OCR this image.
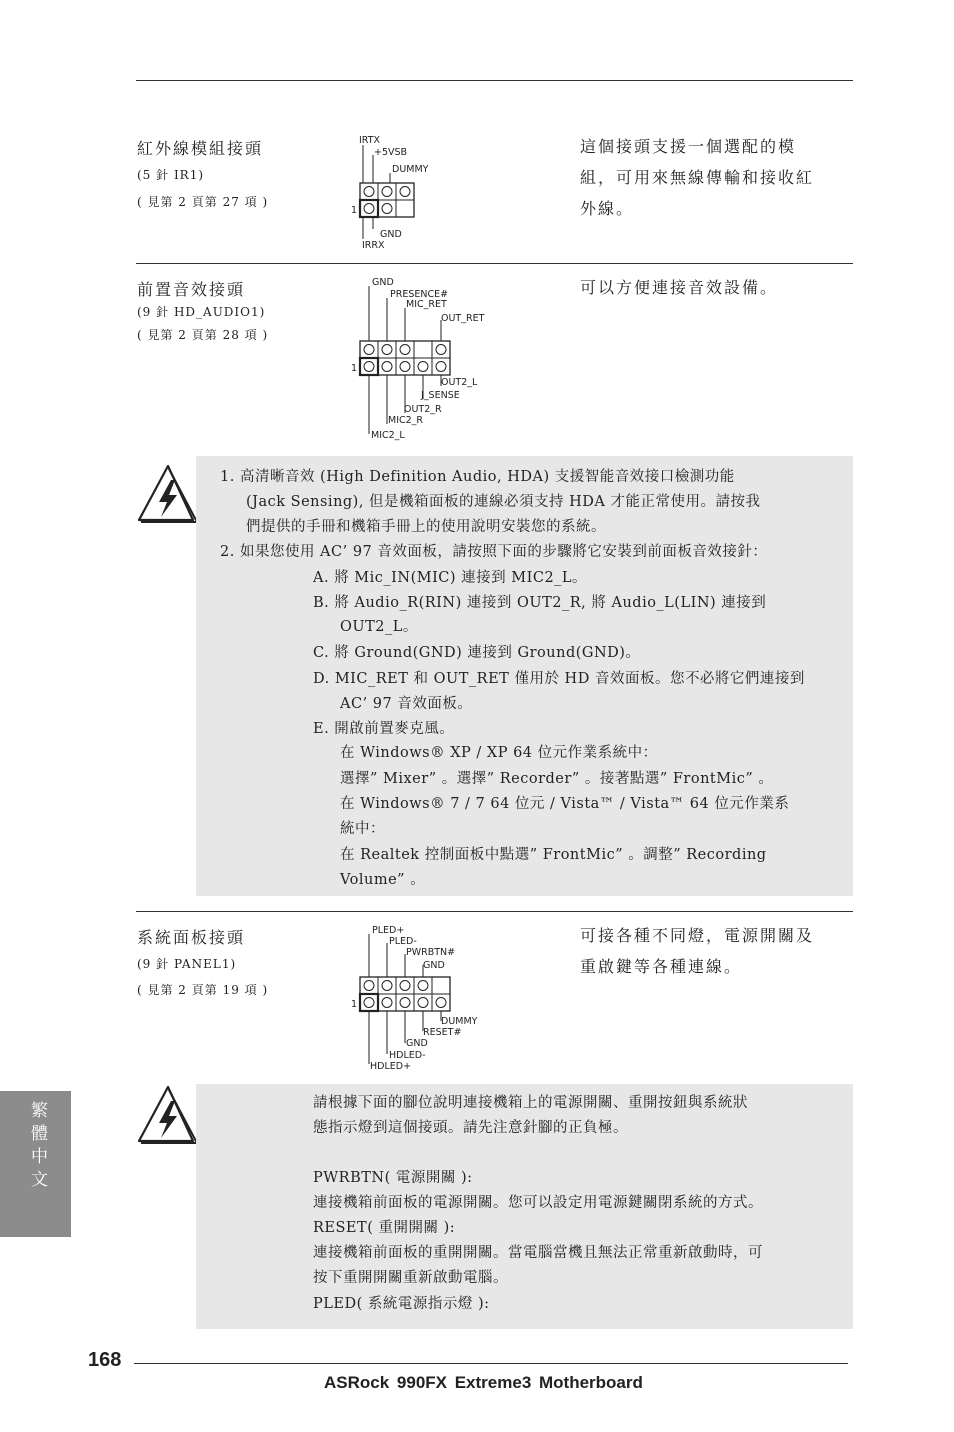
紅外線模組接頭
(5 針 IR1)
( 見第 2 頁第 27 項 )
這個接頭支援一個選配的模
組，可用來無線傳輸和接收紅
外線。
IRTX
+5VSB
DUMMY
GND
IRRX
1
前置音效接頭
(9 針 HD_AUDIO1)
( 見第 2 頁第 28 項 )
可以方便連接音效設備。
GND
PRESENCE#
MIC_RET
OUT_RET
OUT2_L
J_SENSE
OUT2_R
MIC2_R
MIC2_L
1
1. 高清晰音效 (High Definition Audio, HDA) 支援智能音效接口檢測功能
(Jack Sensing), 但是機箱面板的連線必須支持 HDA 才能正常使用。請按我
們提供的手冊和機箱手冊上的使用說明安裝您的系統。
2. 如果您使用 AC’ 97 音效面板，請按照下面的步驟將它安裝到前面板音效接針：
A. 將 Mic_IN(MIC) 連接到 MIC2_L。
B. 將 Audio_R(RIN) 連接到 OUT2_R, 將 Audio_L(LIN) 連接到
OUT2_L。
C. 將 Ground(GND) 連接到 Ground(GND)。
D. MIC_RET 和 OUT_RET 僅用於 HD 音效面板。您不必將它們連接到
AC’ 97 音效面板。
E. 開啟前置麥克風。
在 Windows® XP / XP 64 位元作業系統中：
選擇” Mixer” 。選擇” Recorder” 。接著點選” FrontMic” 。
在 Windows® 7 / 7 64 位元 / Vista™ / Vista™ 64 位元作業系
統中：
在 Realtek 控制面板中點選” FrontMic” 。調整” Recording
Volume” 。
系統面板接頭
(9 針 PANEL1)
( 見第 2 頁第 19 項 )
可接各種不同燈，電源開關及
重啟鍵等各種連線。
PLED+
PLED-
PWRBTN#
GND
DUMMY
RESET#
GND
HDLED-
HDLED+
1
請根據下面的腳位說明連接機箱上的電源開關、重開按鈕與系統狀
態指示燈到這個接頭。請先注意針腳的正負極。
PWRBTN( 電源開關 ):
連接機箱前面板的電源開關。您可以設定用電源鍵關閉系統的方式。
RESET( 重開開關 ):
連接機箱前面板的重開開關。當電腦當機且無法正常重新啟動時，可
按下重開開關重新啟動電腦。
PLED( 系統電源指示燈 ):
繁體中文
168
ASRock 990FX Extreme3 Motherboard
